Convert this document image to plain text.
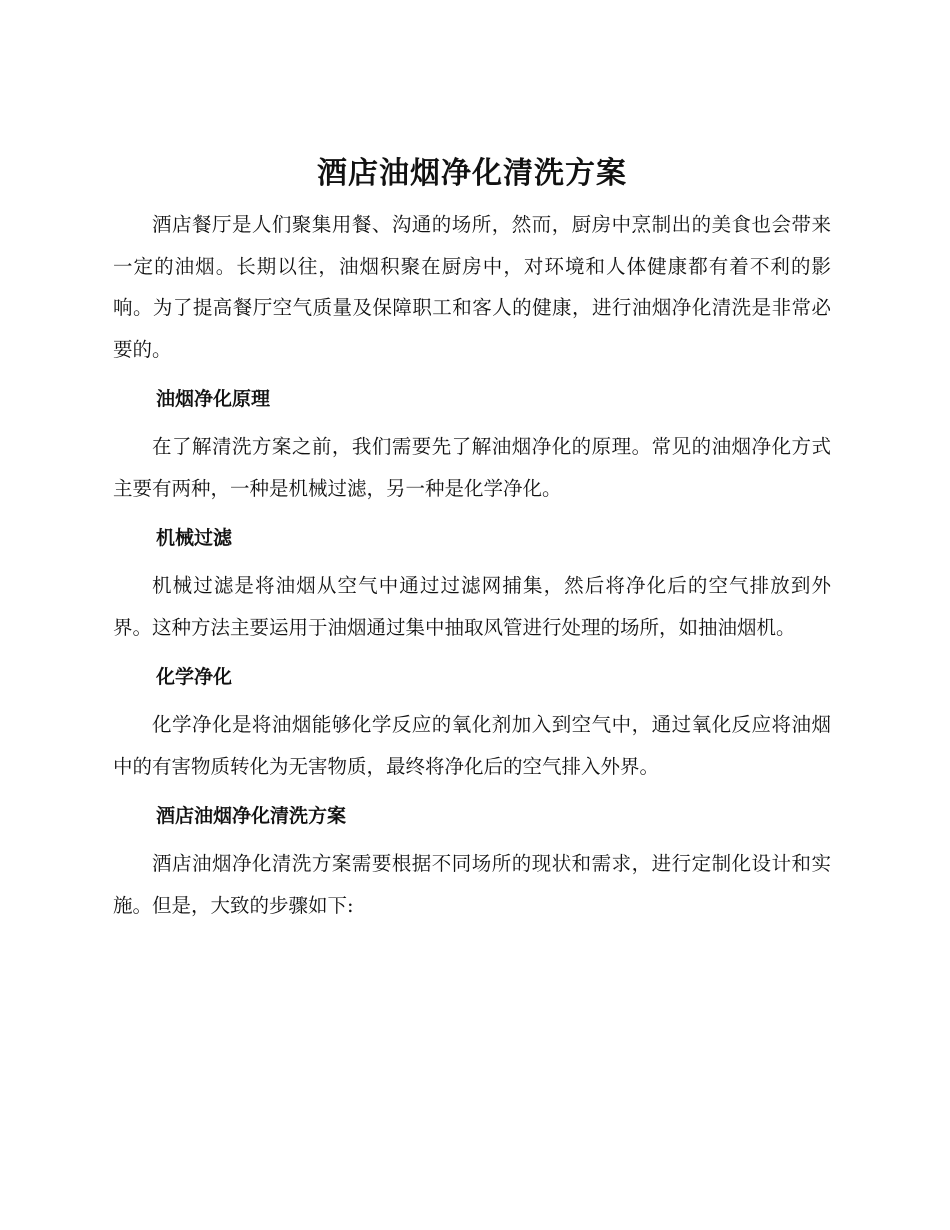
酒店油烟净化清洗方案

酒店餐厅是人们聚集用餐、沟通的场所，然而，厨房中烹制出的美食也会带来一定的油烟。长期以往，油烟积聚在厨房中，对环境和人体健康都有着不利的影响。为了提高餐厅空气质量及保障职工和客人的健康，进行油烟净化清洗是非常必要的。

油烟净化原理

在了解清洗方案之前，我们需要先了解油烟净化的原理。常见的油烟净化方式主要有两种，一种是机械过滤，另一种是化学净化。

机械过滤

机械过滤是将油烟从空气中通过过滤网捕集，然后将净化后的空气排放到外界。这种方法主要运用于油烟通过集中抽取风管进行处理的场所，如抽油烟机。

化学净化

化学净化是将油烟能够化学反应的氧化剂加入到空气中，通过氧化反应将油烟中的有害物质转化为无害物质，最终将净化后的空气排入外界。

酒店油烟净化清洗方案

酒店油烟净化清洗方案需要根据不同场所的现状和需求，进行定制化设计和实施。但是，大致的步骤如下:
